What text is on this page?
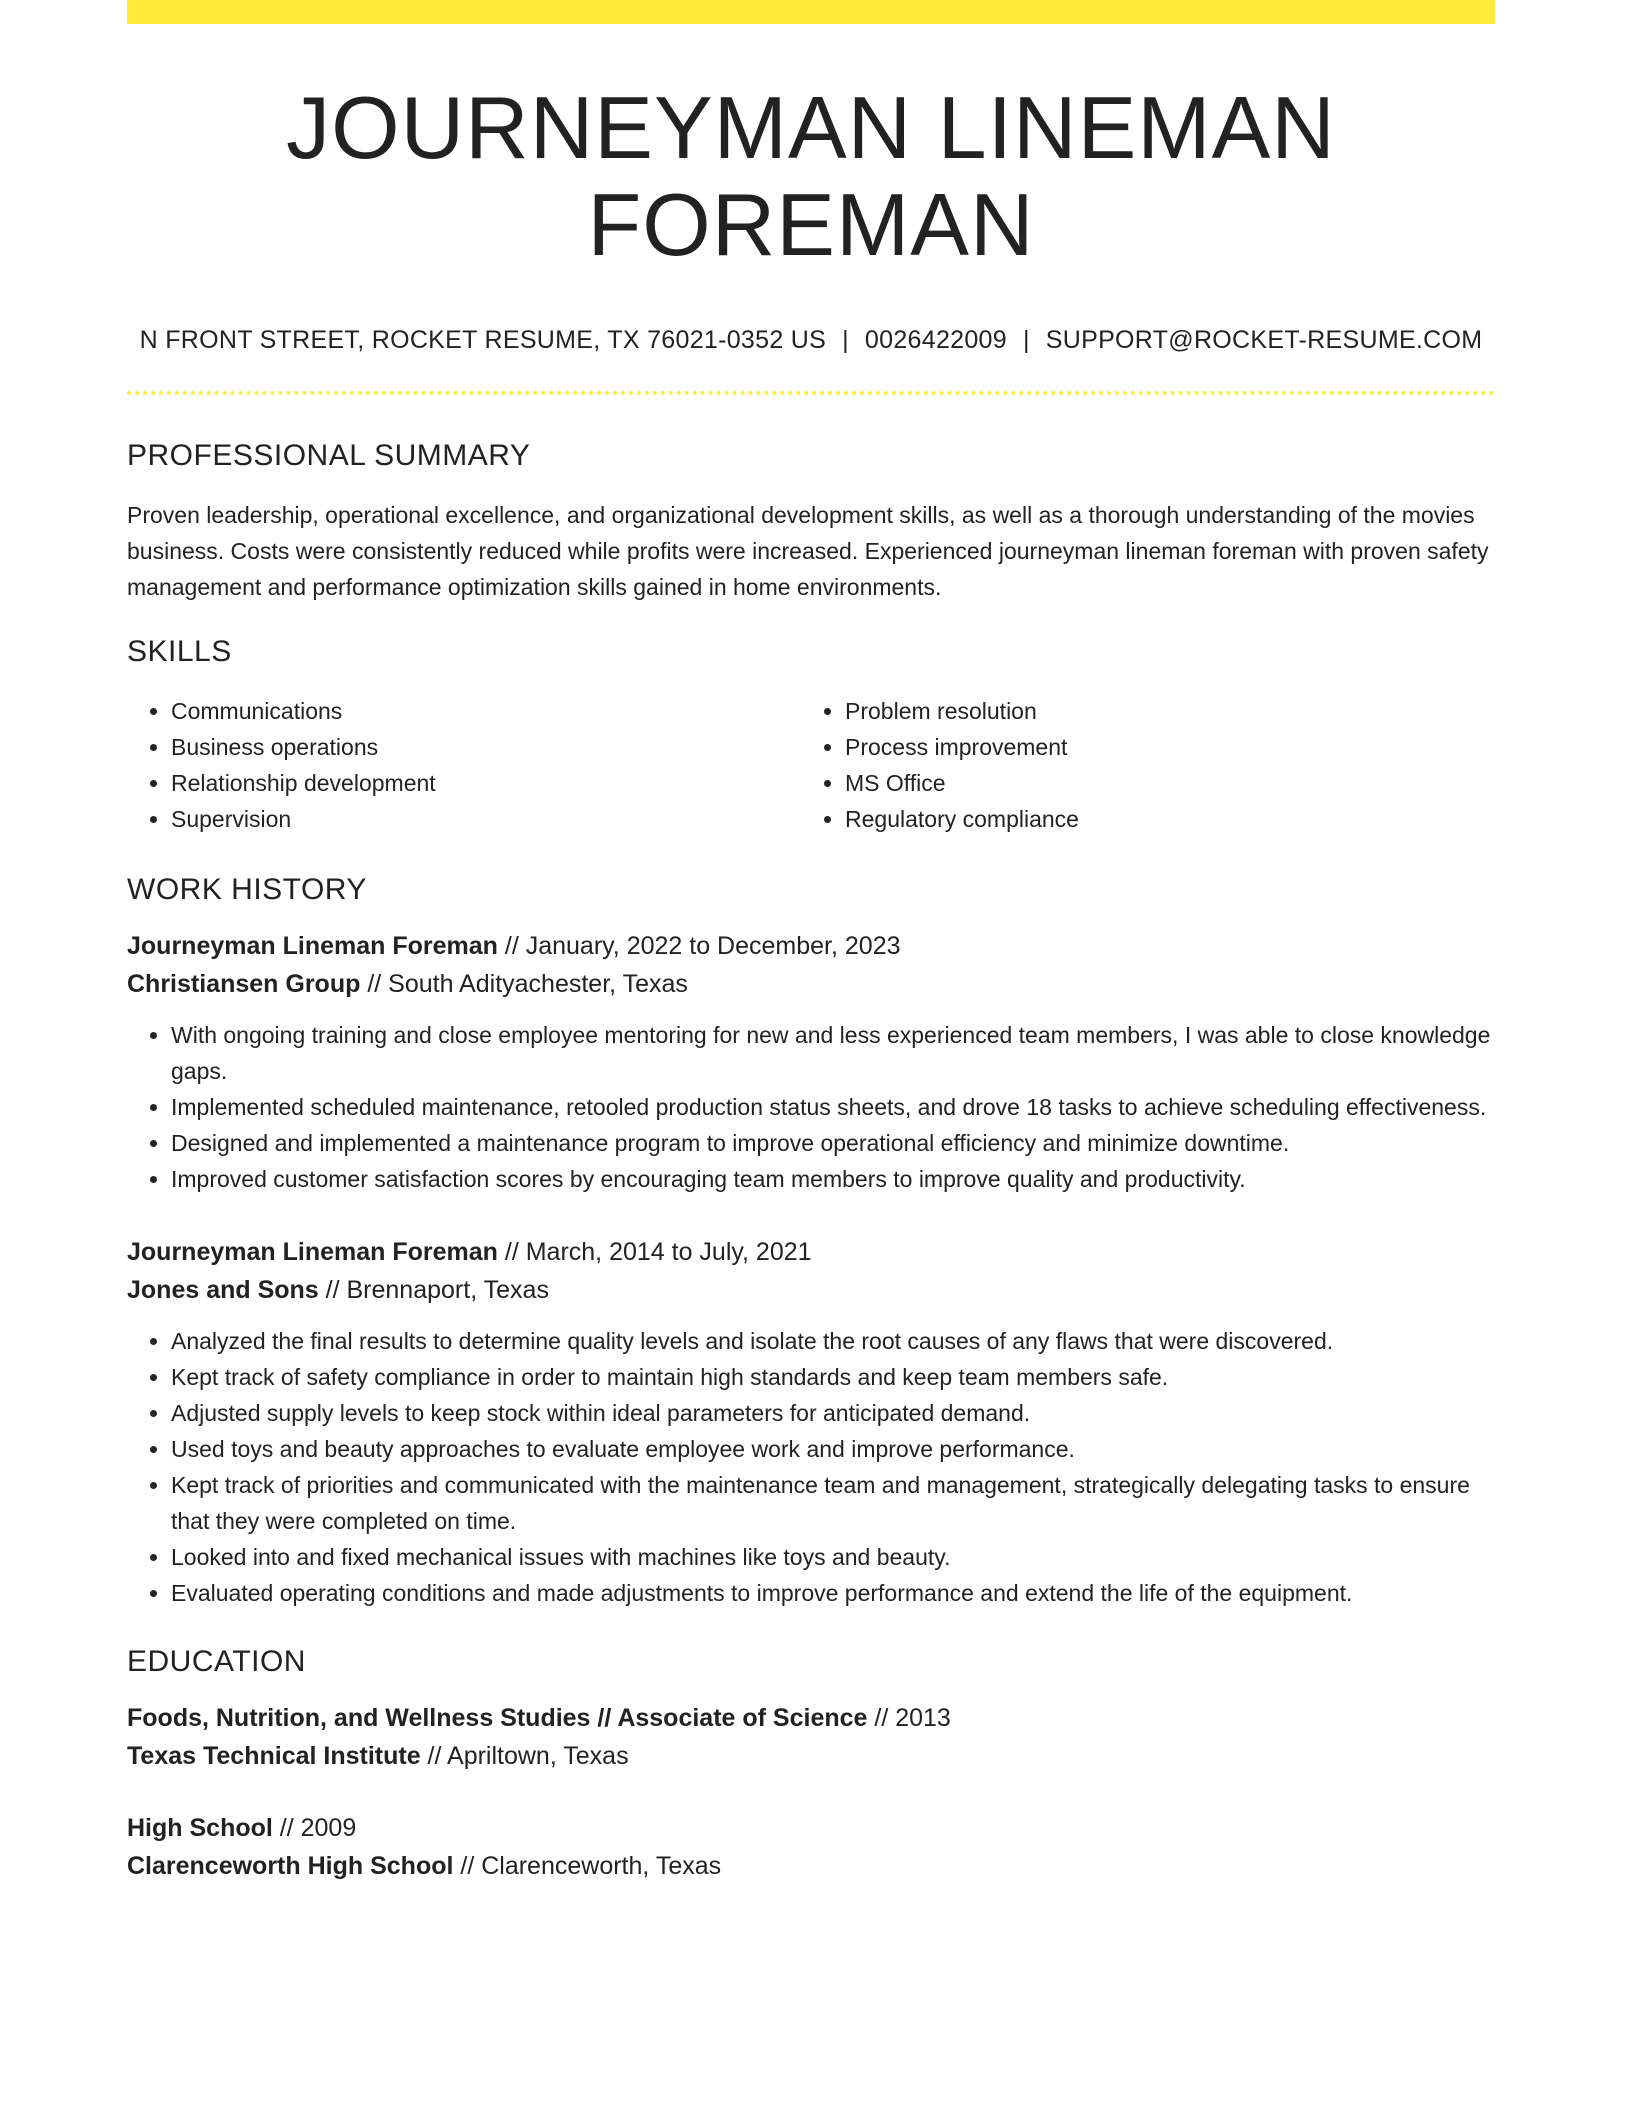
JOURNEYMAN LINEMAN FOREMAN
N FRONT STREET, ROCKET RESUME, TX 76021-0352 US | 0026422009 | SUPPORT@ROCKET-RESUME.COM
PROFESSIONAL SUMMARY
Proven leadership, operational excellence, and organizational development skills, as well as a thorough understanding of the movies business. Costs were consistently reduced while profits were increased. Experienced journeyman lineman foreman with proven safety management and performance optimization skills gained in home environments.
SKILLS
• Communications
• Business operations
• Relationship development
• Supervision
• Problem resolution
• Process improvement
• MS Office
• Regulatory compliance
WORK HISTORY
Journeyman Lineman Foreman // January, 2022 to December, 2023
Christiansen Group // South Adityachester, Texas
• With ongoing training and close employee mentoring for new and less experienced team members, I was able to close knowledge gaps.
• Implemented scheduled maintenance, retooled production status sheets, and drove 18 tasks to achieve scheduling effectiveness.
• Designed and implemented a maintenance program to improve operational efficiency and minimize downtime.
• Improved customer satisfaction scores by encouraging team members to improve quality and productivity.
Journeyman Lineman Foreman // March, 2014 to July, 2021
Jones and Sons // Brennaport, Texas
• Analyzed the final results to determine quality levels and isolate the root causes of any flaws that were discovered.
• Kept track of safety compliance in order to maintain high standards and keep team members safe.
• Adjusted supply levels to keep stock within ideal parameters for anticipated demand.
• Used toys and beauty approaches to evaluate employee work and improve performance.
• Kept track of priorities and communicated with the maintenance team and management, strategically delegating tasks to ensure that they were completed on time.
• Looked into and fixed mechanical issues with machines like toys and beauty.
• Evaluated operating conditions and made adjustments to improve performance and extend the life of the equipment.
EDUCATION
Foods, Nutrition, and Wellness Studies // Associate of Science // 2013
Texas Technical Institute // Apriltown, Texas
High School // 2009
Clarenceworth High School // Clarenceworth, Texas
